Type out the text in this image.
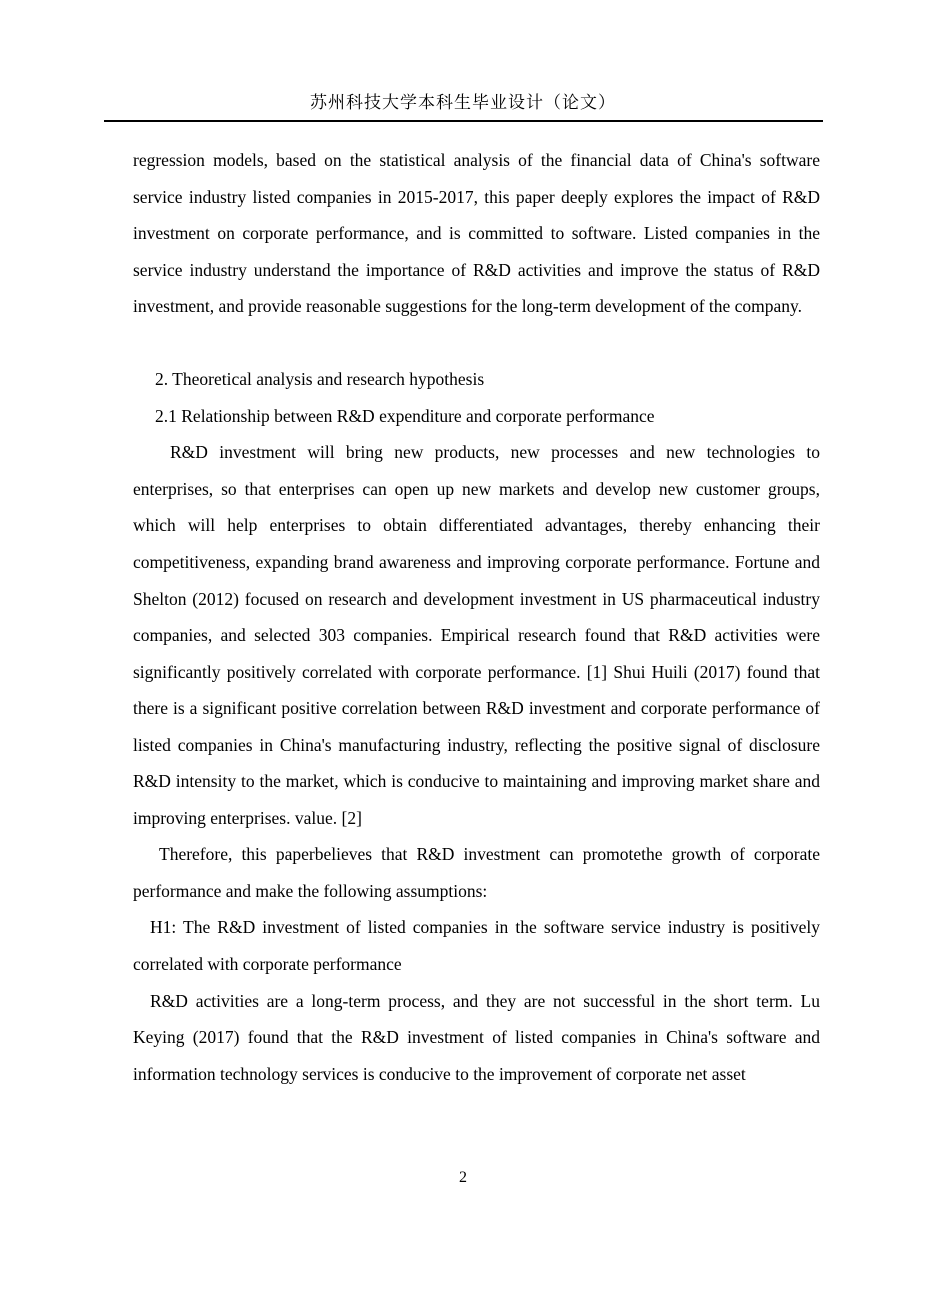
苏州科技大学本科生毕业设计（论文）

regression models, based on the statistical analysis of the financial data of China's software service industry listed companies in 2015-2017, this paper deeply explores the impact of R&D investment on corporate performance, and is committed to software. Listed companies in the service industry understand the importance of R&D activities and improve the status of R&D investment, and provide reasonable suggestions for the long-term development of the company.

2. Theoretical analysis and research hypothesis

2.1 Relationship between R&D expenditure and corporate performance

R&D investment will bring new products, new processes and new technologies to enterprises, so that enterprises can open up new markets and develop new customer groups, which will help enterprises to obtain differentiated advantages, thereby enhancing their competitiveness, expanding brand awareness and improving corporate performance. Fortune and Shelton (2012) focused on research and development investment in US pharmaceutical industry companies, and selected 303 companies. Empirical research found that R&D activities were significantly positively correlated with corporate performance. [1] Shui Huili (2017) found that there is a significant positive correlation between R&D investment and corporate performance of listed companies in China's manufacturing industry, reflecting the positive signal of disclosure R&D intensity to the market, which is conducive to maintaining and improving market share and improving enterprises. value. [2]

Therefore, this paperbelieves that R&D investment can promotethe growth of corporate performance and make the following assumptions:

H1: The R&D investment of listed companies in the software service industry is positively correlated with corporate performance

R&D activities are a long-term process, and they are not successful in the short term. Lu Keying (2017) found that the R&D investment of listed companies in China's software and information technology services is conducive to the improvement of corporate net asset

2
